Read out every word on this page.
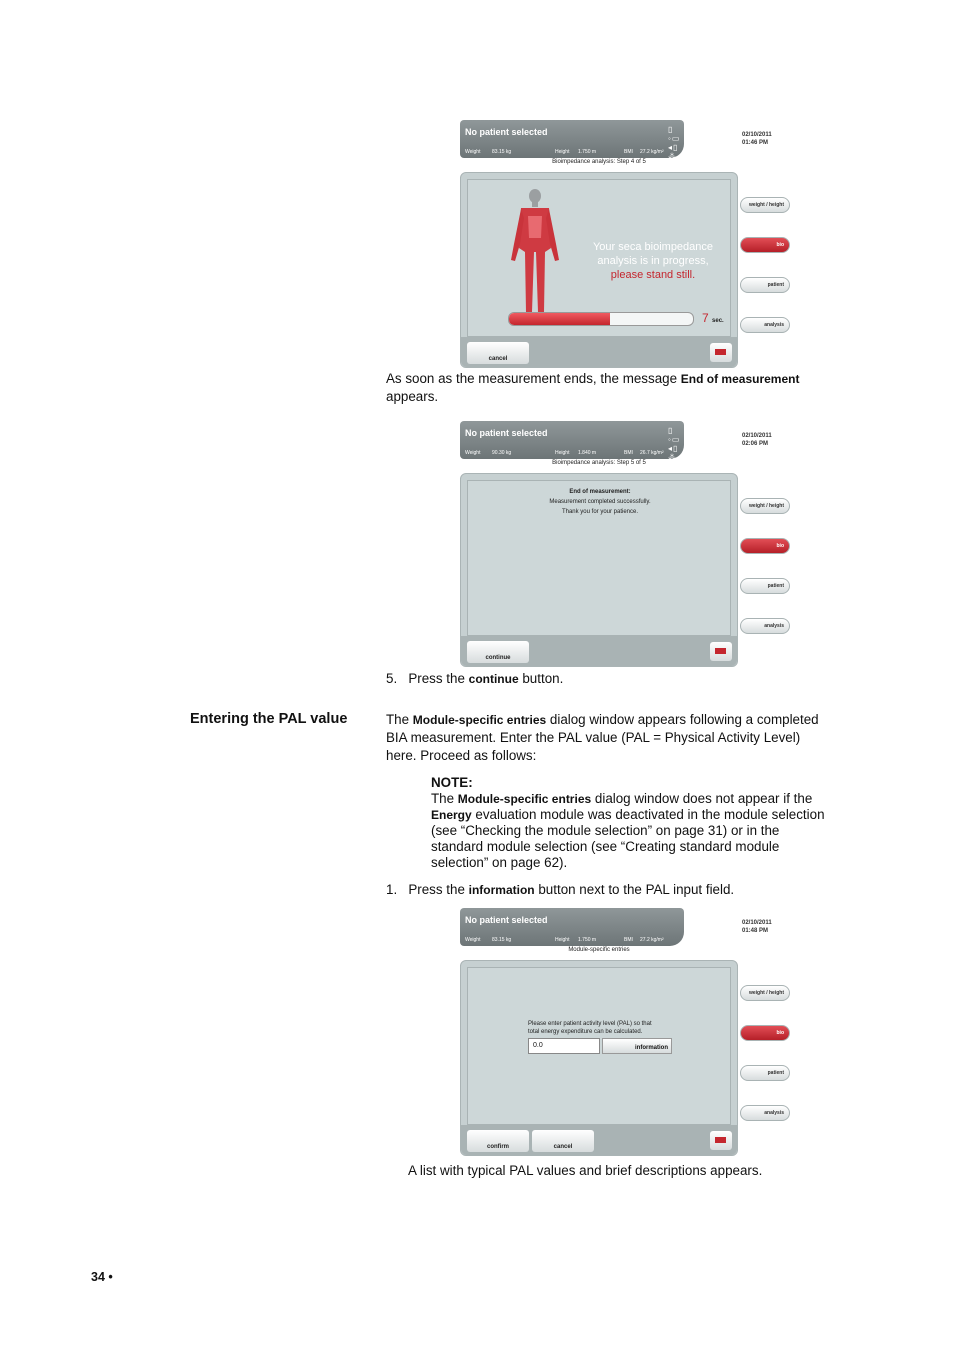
No patient selected	▯ ◦▭ ◂▯ ⁂
Weight 83.15 kg	Height 1.750 m	BMI 27.2 kg/m²
02/10/2011
01:46 PM
Bioimpedance analysis: Step 4 of 5
Your seca bioimpedance
analysis is in progress,
please stand still.
7 sec.
cancel
weight / height
bio
patient
analysis
As soon as the measurement ends, the message End of measurement
appears.
No patient selected	▯ ◦▭ ◂▯ ⁂
Weight 90.30 kg	Height 1.840 m	BMI 26.7 kg/m²
02/10/2011
02:06 PM
Bioimpedance analysis: Step 5 of 5
End of measurement:
Measurement completed successfully.
Thank you for your patience.
continue
weight / height
bio
patient
analysis
5. Press the continue button.
Entering the PAL value	The Module-specific entries dialog window appears following a completed
BIA measurement. Enter the PAL value (PAL = Physical Activity Level)
here. Proceed as follows:
NOTE:
The Module-specific entries dialog window does not appear if the
Energy evaluation module was deactivated in the module selection
(see “Checking the module selection” on page 31) or in the
standard module selection (see “Creating standard module
selection” on page 62).
1. Press the information button next to the PAL input field.
No patient selected
Weight 83.15 kg	Height 1.750 m	BMI 27.2 kg/m²
02/10/2011
01:48 PM
Module-specific entries
Please enter patient activity level (PAL) so that
total energy expenditure can be calculated.
0.0	information
confirm	cancel
weight / height
bio
patient
analysis
A list with typical PAL values and brief descriptions appears.
34 •
